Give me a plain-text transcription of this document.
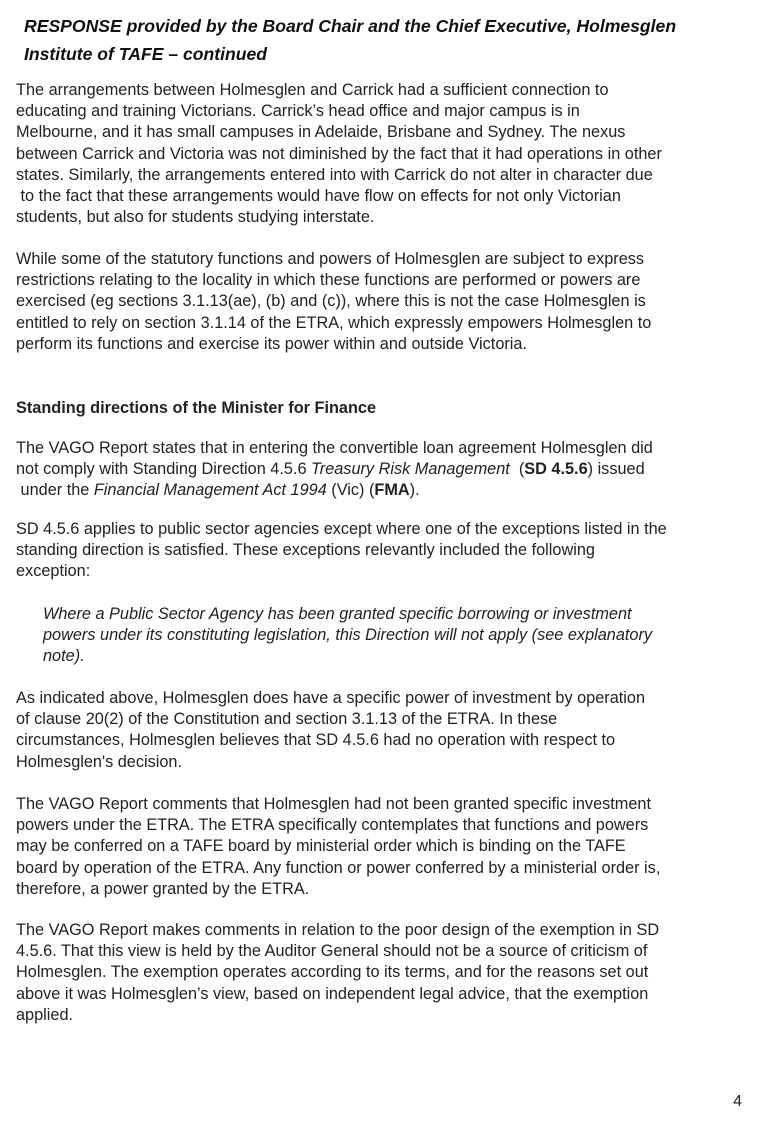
RESPONSE provided by the Board Chair and the Chief Executive, Holmesglen
Institute of TAFE – continued

The arrangements between Holmesglen and Carrick had a sufficient connection to
educating and training Victorians. Carrick’s head office and major campus is in
Melbourne, and it has small campuses in Adelaide, Brisbane and Sydney. The nexus
between Carrick and Victoria was not diminished by the fact that it had operations in other
states. Similarly, the arrangements entered into with Carrick do not alter in character due
to the fact that these arrangements would have flow on effects for not only Victorian
students, but also for students studying interstate.

While some of the statutory functions and powers of Holmesglen are subject to express
restrictions relating to the locality in which these functions are performed or powers are
exercised (eg sections 3.1.13(ae), (b) and (c)), where this is not the case Holmesglen is
entitled to rely on section 3.1.14 of the ETRA, which expressly empowers Holmesglen to
perform its functions and exercise its power within and outside Victoria.

Standing directions of the Minister for Finance

The VAGO Report states that in entering the convertible loan agreement Holmesglen did
not comply with Standing Direction 4.5.6 Treasury Risk Management  (SD 4.5.6) issued
under the Financial Management Act 1994 (Vic) (FMA).

SD 4.5.6 applies to public sector agencies except where one of the exceptions listed in the
standing direction is satisfied. These exceptions relevantly included the following
exception:

Where a Public Sector Agency has been granted specific borrowing or investment
powers under its constituting legislation, this Direction will not apply (see explanatory
note).

As indicated above, Holmesglen does have a specific power of investment by operation
of clause 20(2) of the Constitution and section 3.1.13 of the ETRA. In these
circumstances, Holmesglen believes that SD 4.5.6 had no operation with respect to
Holmesglen's decision.

The VAGO Report comments that Holmesglen had not been granted specific investment
powers under the ETRA. The ETRA specifically contemplates that functions and powers
may be conferred on a TAFE board by ministerial order which is binding on the TAFE
board by operation of the ETRA. Any function or power conferred by a ministerial order is,
therefore, a power granted by the ETRA.

The VAGO Report makes comments in relation to the poor design of the exemption in SD
4.5.6. That this view is held by the Auditor General should not be a source of criticism of
Holmesglen. The exemption operates according to its terms, and for the reasons set out
above it was Holmesglen’s view, based on independent legal advice, that the exemption
applied.

4
